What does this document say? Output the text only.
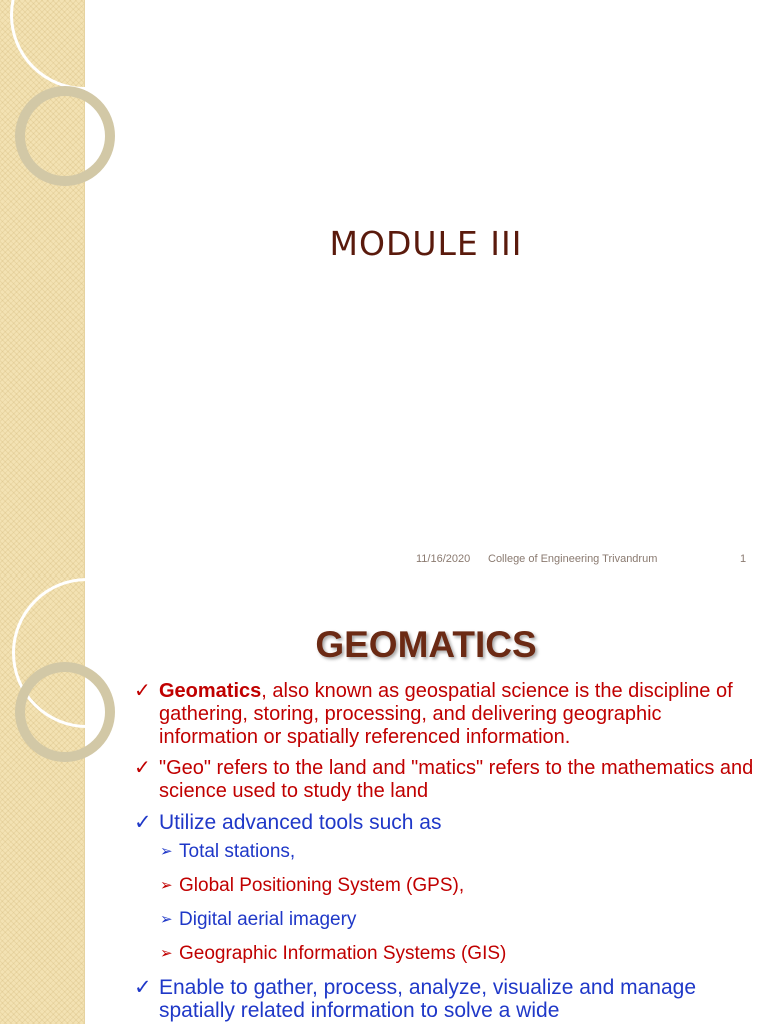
MODULE III
11/16/2020 College of Engineering Trivandrum	1
GEOMATICS
✓ Geomatics, also known as geospatial science is the discipline of gathering, storing, processing, and delivering geographic information or spatially referenced information.
✓ "Geo" refers to the land and "matics" refers to the mathematics and science used to study the land
✓ Utilize advanced tools such as
➢ Total stations,
➢ Global Positioning System (GPS),
➢ Digital aerial imagery
➢ Geographic Information Systems (GIS)
✓ Enable to gather, process, analyze, visualize and manage spatially related information to solve a wide
